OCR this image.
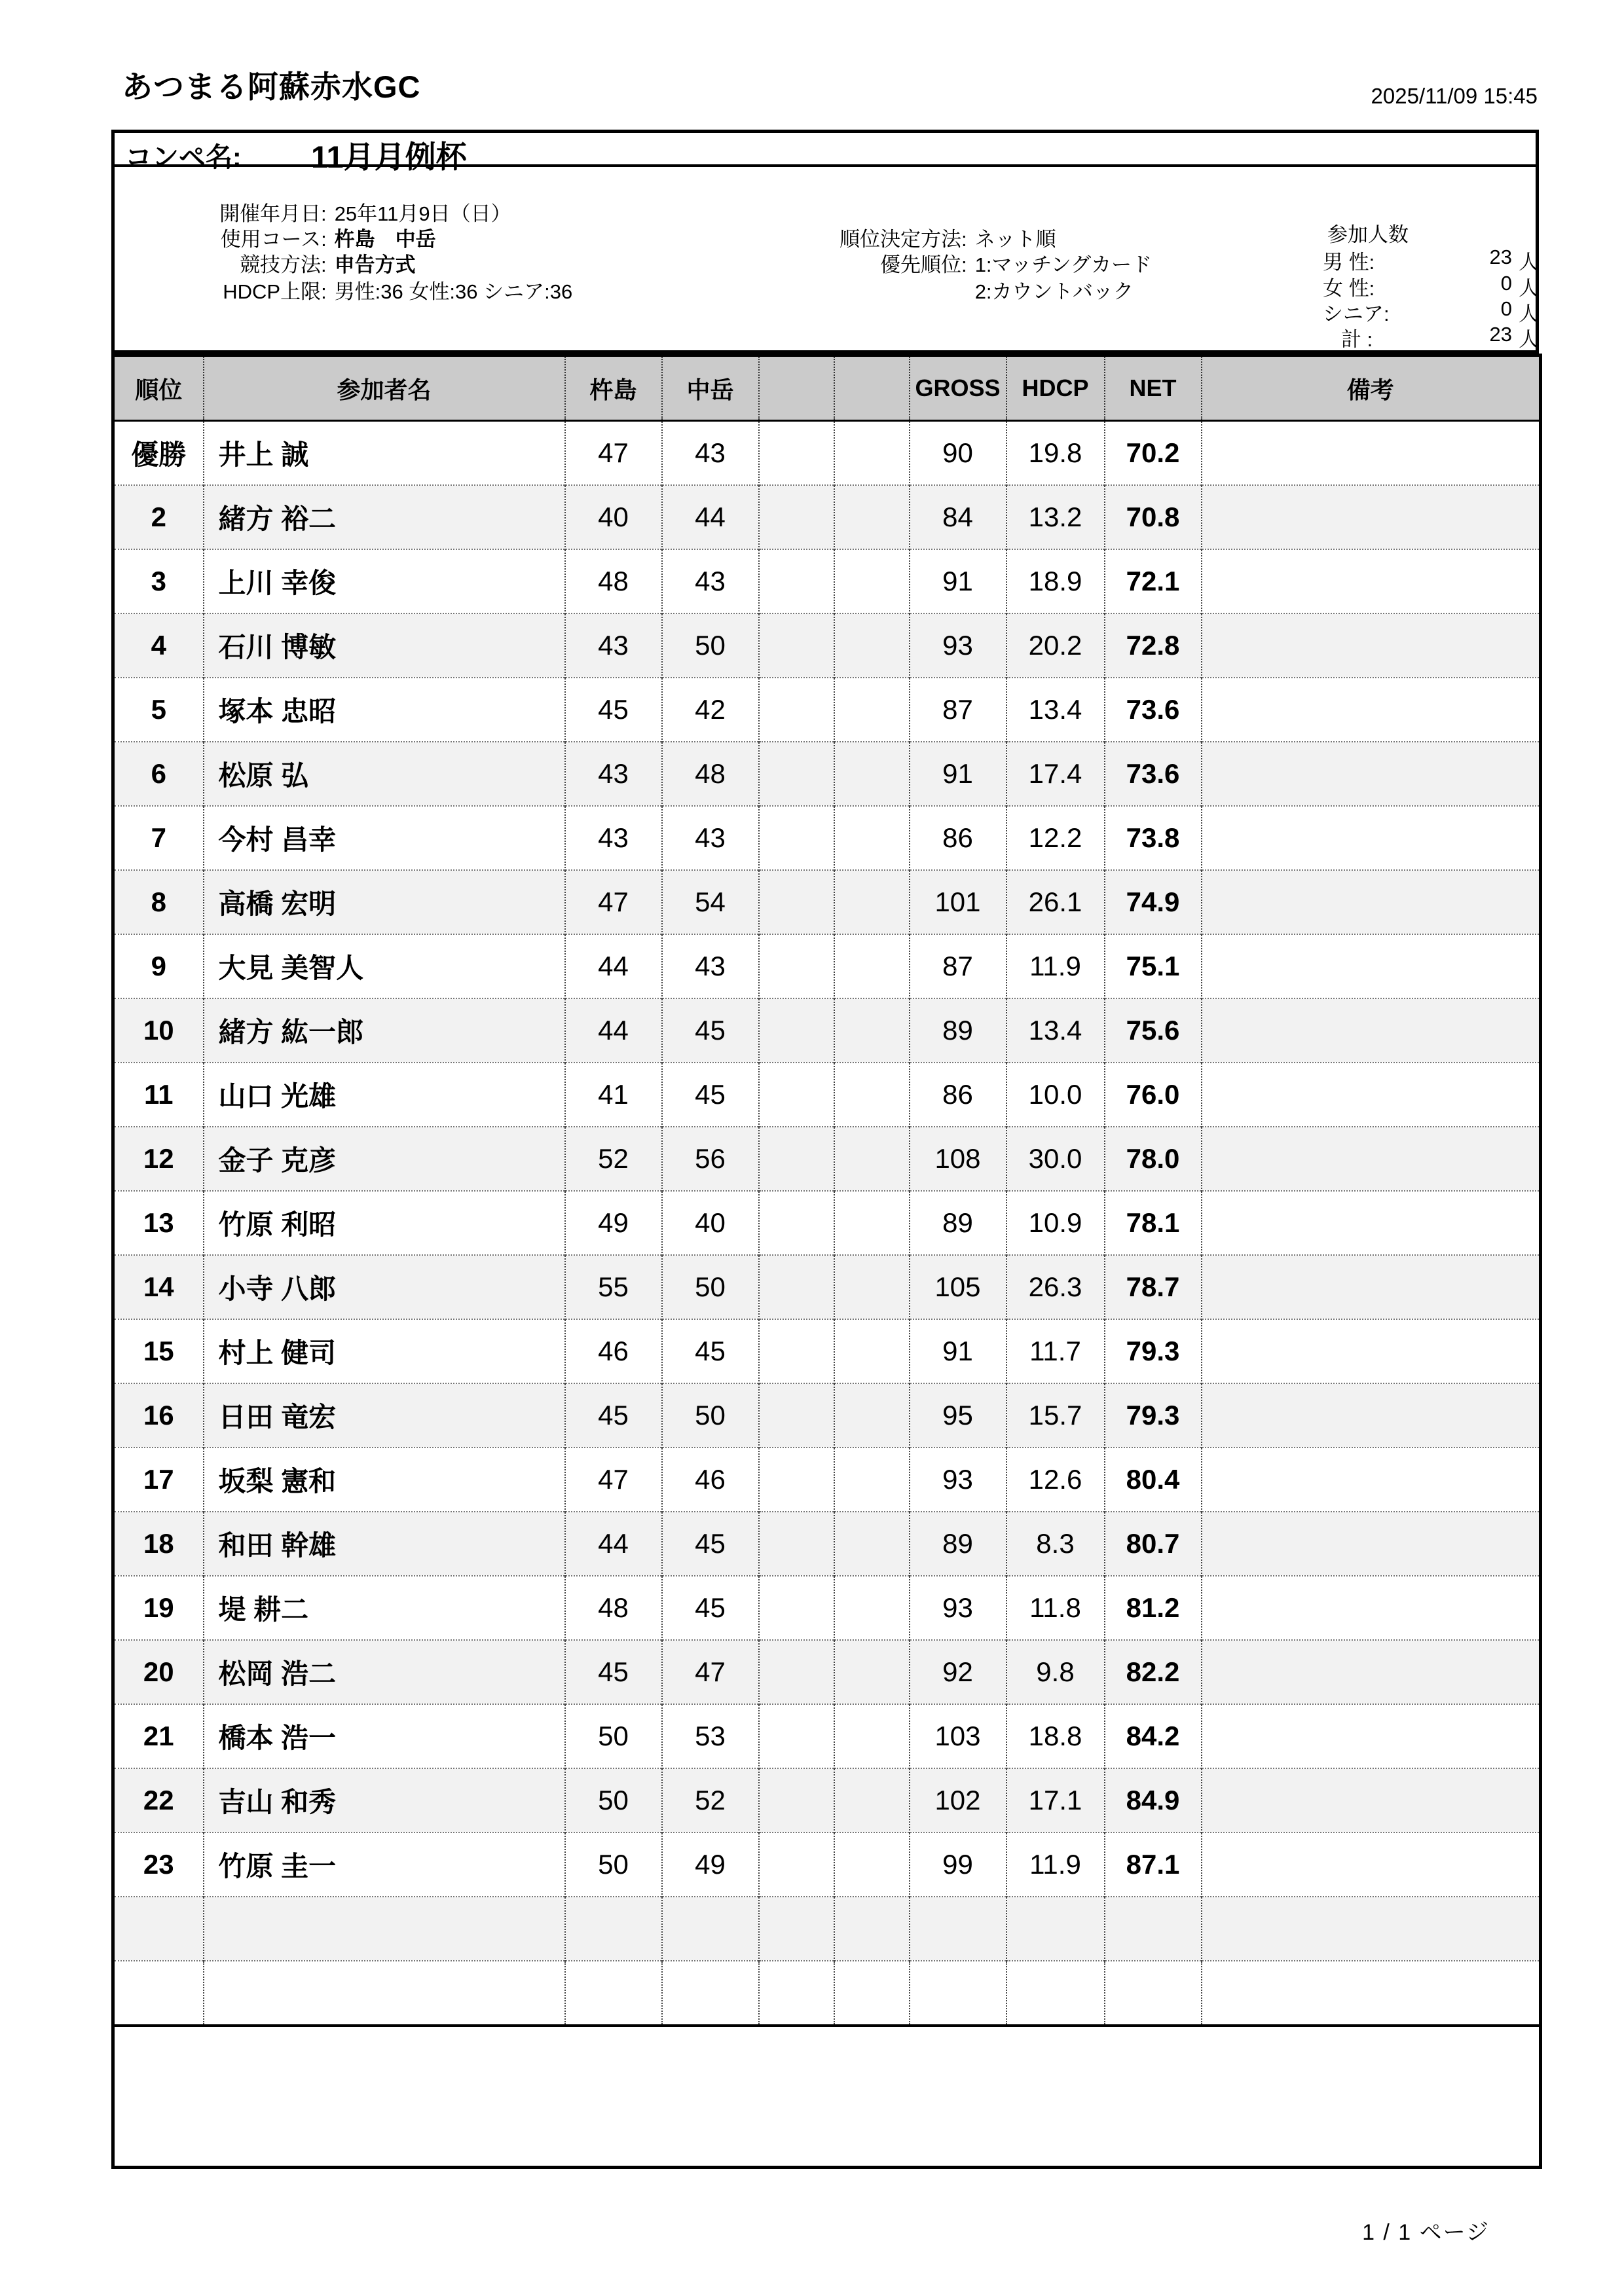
あつまる阿蘇赤水GC	2025/11/09 15:45
コンペ名: 11月月例杯

開催年月日: 25年11月9日（日）

使用コース: 杵島　中岳

競技方法: 申告方式

HDCP上限: 男性:36 女性:36 シニア:36

順位決定方法: ネット順

優先順位: 1:マッチングカード

2:カウントバック

参加人数
男 性:	23 人
女 性:	0 人
シニア:	0 人
計 :	23 人
順位	参加者名	杵島	中岳			GROSS	HDCP	NET	備考
優勝	井上 誠	47	43			90	19.8	70.2	
2	緒方 裕二	40	44			84	13.2	70.8	
3	上川 幸俊	48	43			91	18.9	72.1	
4	石川 博敏	43	50			93	20.2	72.8	
5	塚本 忠昭	45	42			87	13.4	73.6	
6	松原 弘	43	48			91	17.4	73.6	
7	今村 昌幸	43	43			86	12.2	73.8	
8	高橋 宏明	47	54			101	26.1	74.9	
9	大見 美智人	44	43			87	11.9	75.1	
10	緒方 紘一郎	44	45			89	13.4	75.6	
11	山口 光雄	41	45			86	10.0	76.0	
12	金子 克彦	52	56			108	30.0	78.0	
13	竹原 利昭	49	40			89	10.9	78.1	
14	小寺 八郎	55	50			105	26.3	78.7	
15	村上 健司	46	45			91	11.7	79.3	
16	日田 竜宏	45	50			95	15.7	79.3	
17	坂梨 憲和	47	46			93	12.6	80.4	
18	和田 幹雄	44	45			89	8.3	80.7	
19	堤 耕二	48	45			93	11.8	81.2	
20	松岡 浩二	45	47			92	9.8	82.2	
21	橋本 浩一	50	53			103	18.8	84.2	
22	吉山 和秀	50	52			102	17.1	84.9	
23	竹原 圭一	50	49			99	11.9	87.1	

1 / 1 ページ
